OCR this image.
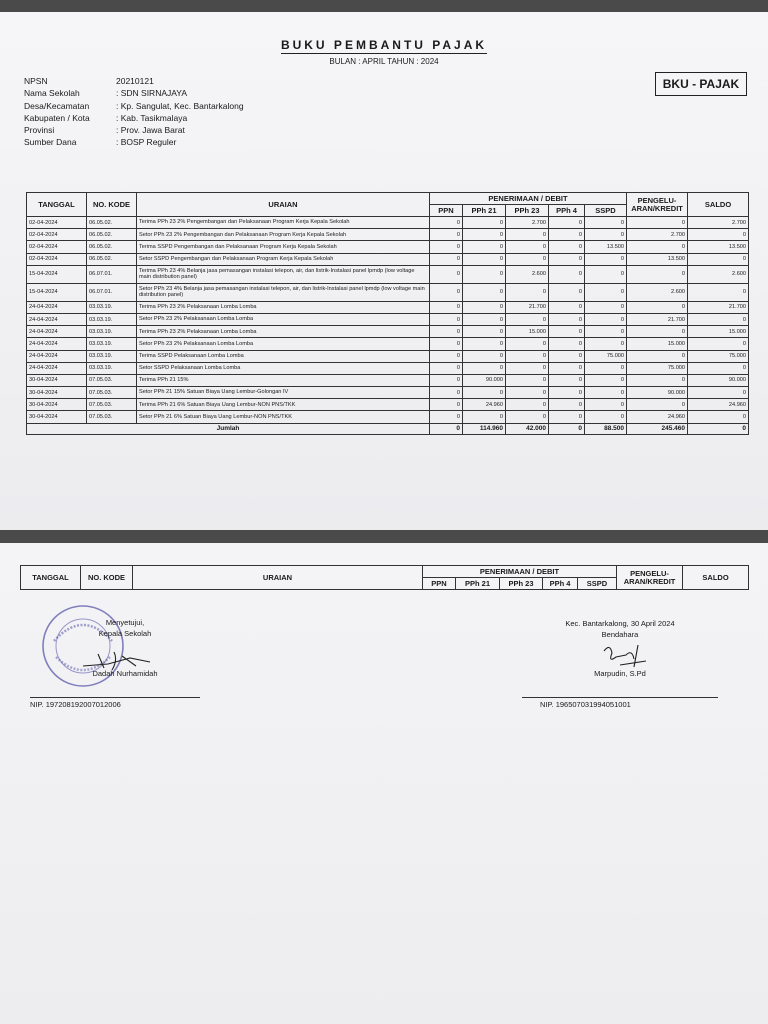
BUKU PEMBANTU PAJAK
BULAN : APRIL TAHUN : 2024
BKU - PAJAK
NPSN	20210121
Nama Sekolah	: SDN SIRNAJAYA
Desa/Kecamatan	: Kp. Sangulat, Kec. Bantarkalong
Kabupaten / Kota	: Kab. Tasikmalaya
Provinsi	: Prov. Jawa Barat
Sumber Dana	: BOSP Reguler
TANGGAL	NO. KODE	URAIAN	PENERIMAAN / DEBIT					PENGELU-ARAN/KREDIT	SALDO
			PPN	PPh 21	PPh 23	PPh 4	SSPD		
02-04-2024	06.05.02.	Terima PPh 23 2% Pengembangan dan Pelaksanaan Program Kerja Kepala Sekolah	0	0	2.700	0	0	0	2.700
02-04-2024	06.05.02.	Setor PPh 23 2% Pengembangan dan Pelaksanaan Program Kerja Kepala Sekolah	0	0	0	0	0	2.700	0
02-04-2024	06.05.02.	Terima SSPD Pengembangan dan Pelaksanaan Program Kerja Kepala Sekolah	0	0	0	0	13.500	0	13.500
02-04-2024	06.05.02.	Setor SSPD Pengembangan dan Pelaksanaan Program Kerja Kepala Sekolah	0	0	0	0	0	13.500	0
15-04-2024	06.07.01.	Terima PPh 23 4% Belanja jasa pemasangan instalasi telepon, air, dan listrik-Instalasi panel lpmdp (low voltage main distribution panel)	0	0	2.600	0	0	0	2.600
15-04-2024	06.07.01.	Setor PPh 23 4% Belanja jasa pemasangan instalasi telepon, air, dan listrik-Instalasi panel lpmdp (low voltage main distribution panel)	0	0	0	0	0	2.600	0
24-04-2024	03.03.19.	Terima PPh 23 2% Pelaksanaan Lomba Lomba	0	0	21.700	0	0	0	21.700
24-04-2024	03.03.19.	Setor PPh 23 2% Pelaksanaan Lomba Lomba	0	0	0	0	0	21.700	0
24-04-2024	03.03.19.	Terima PPh 23 2% Pelaksanaan Lomba Lomba	0	0	15.000	0	0	0	15.000
24-04-2024	03.03.19.	Setor PPh 23 2% Pelaksanaan Lomba Lomba	0	0	0	0	0	15.000	0
24-04-2024	03.03.19.	Terima SSPD Pelaksanaan Lomba Lomba	0	0	0	0	75.000	0	75.000
24-04-2024	03.03.19.	Setor SSPD Pelaksanaan Lomba Lomba	0	0	0	0	0	75.000	0
30-04-2024	07.05.03.	Terima PPh 21 15%	0	90.000	0	0	0	0	90.000
30-04-2024	07.05.03.	Setor PPh 21 15% Satuan Biaya Uang Lembur-Golongan IV	0	0	0	0	0	90.000	0
30-04-2024	07.05.03.	Terima PPh 21 6% Satuan Biaya Uang Lembur-NON PNS/TKK	0	24.960	0	0	0	0	24.960
30-04-2024	07.05.03.	Setor PPh 21 6% Satuan Biaya Uang Lembur-NON PNS/TKK	0	0	0	0	0	24.960	0
Jumlah			0	114.960	42.000	0	88.500	245.460	0
TANGGAL	NO. KODE	URAIAN	PENERIMAAN / DEBIT					PENGELU-ARAN/KREDIT	SALDO
			PPN	PPh 21	PPh 23	PPh 4	SSPD		
Menyetujui,
Kepala Sekolah
Dadah Nurhamidah
NIP. 197208192007012006
Kec. Bantarkalong, 30 April 2024
Bendahara
Marpudin, S.Pd
NIP. 196507031994051001
